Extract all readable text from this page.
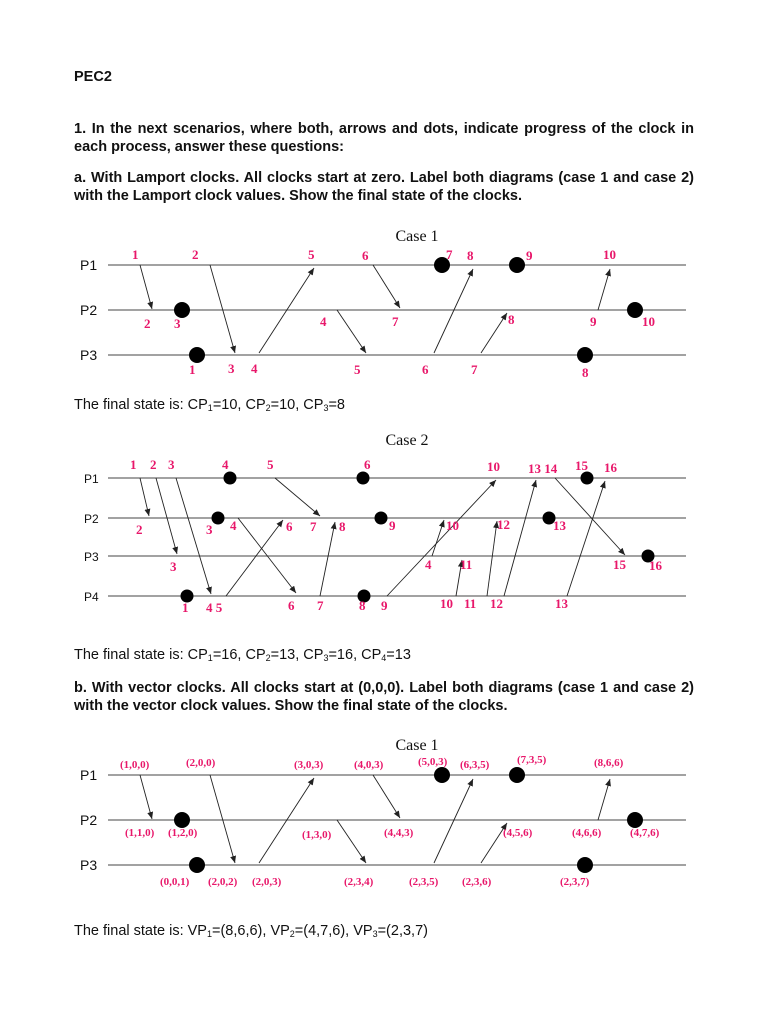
PEC2
1. In the next scenarios, where both, arrows and dots, indicate progress of the clock in each process, answer these questions:
a. With Lamport clocks. All clocks start at zero. Label both diagrams (case 1 and case 2) with the Lamport clock values. Show the final state of the clocks.
Case 1
P1
P2
P3
1	2	5	6	7 8	9	10
2 3	4	7	8	9	10
1	3 4	5	6	7	8
The final state is: $CP_1=10$, $CP_2=10$, $CP_3=8$
Case 2
P1
P2
P3
P4
1 2 3	4	5	6	10 13 14 15 16
2	3 4	6 7 8	9	10	12	13
3	4 11	15 16
1 4 5	6 7	8 9	10 11 12	13
The final state is: $CP_1=16$, $CP_2=13$, $CP_3=16$, $CP_4=13$
b. With vector clocks. All clocks start at (0,0,0). Label both diagrams (case 1 and case 2) with the vector clock values. Show the final state of the clocks.
Case 1
P1
P2
P3
(1,0,0)	(2,0,0)	(3,0,3)	(4,0,3)	(5,0,3) (6,3,5)	(7,3,5)	(8,6,6)
(1,1,0) (1,2,0)	(1,3,0)	(4,4,3)	(4,5,6)	(4,6,6)	(4,7,6)
(0,0,1) (2,0,2) (2,0,3)	(2,3,4)	(2,3,5) (2,3,6)	(2,3,7)
The final state is: $VP_1=(8,6,6)$, $VP_2=(4,7,6)$, $VP_3=(2,3,7)$
